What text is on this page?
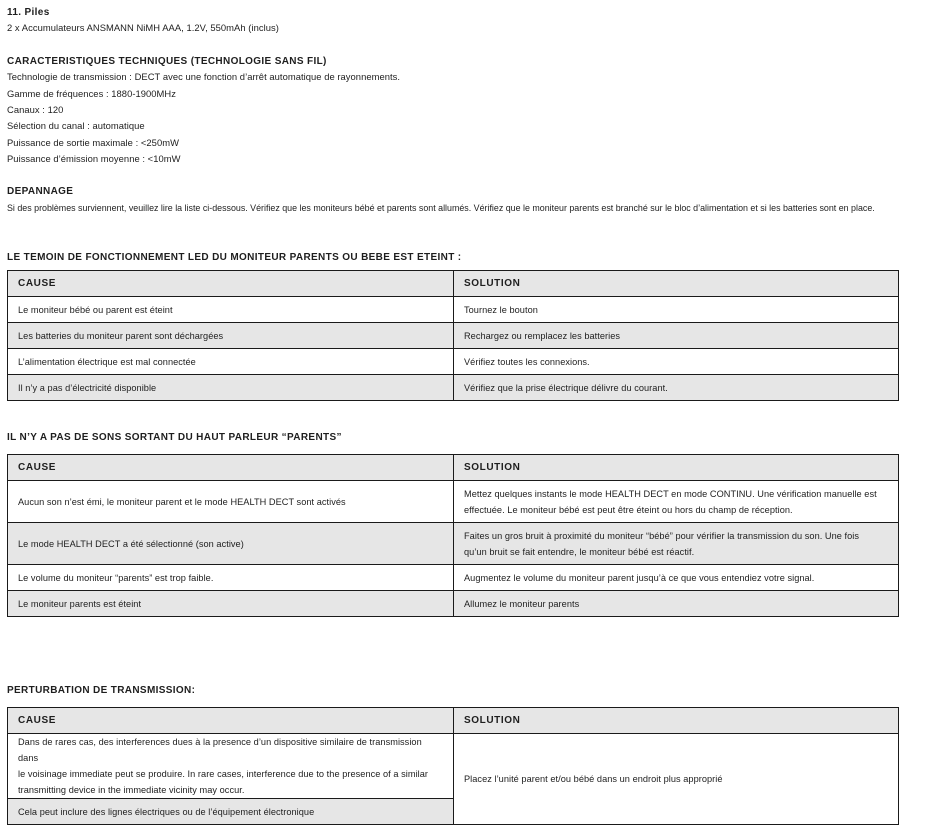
11. Piles
2 x Accumulateurs ANSMANN NiMH AAA, 1.2V, 550mAh (inclus)
CARACTERISTIQUES TECHNIQUES (TECHNOLOGIE SANS FIL)
Technologie de transmission : DECT avec une fonction d’arrêt automatique de rayonnements.
Gamme de fréquences : 1880-1900MHz
Canaux : 120
Sélection du canal : automatique
Puissance de sortie maximale : <250mW
Puissance d’émission moyenne : <10mW
DEPANNAGE
Si des problèmes surviennent, veuillez lire la liste ci-dessous. Vérifiez que les moniteurs bébé et parents sont allumés. Vérifiez que le moniteur parents est branché sur le bloc d’alimentation et si les batteries sont en place.
LE TEMOIN DE FONCTIONNEMENT LED DU MONITEUR PARENTS OU BEBE EST ETEINT :
CAUSE	SOLUTION
Le moniteur bébé ou parent est éteint	Tournez le bouton
Les batteries du moniteur parent sont déchargées	Rechargez ou remplacez les batteries
L’alimentation électrique est mal connectée	Vérifiez toutes les connexions.
Il n’y a pas d’électricité disponible	Vérifiez que la prise électrique délivre du courant.
IL N’Y A PAS DE SONS SORTANT DU HAUT PARLEUR “PARENTS”
CAUSE	SOLUTION
Aucun son n’est émi, le moniteur parent et le mode HEALTH DECT sont activés	Mettez quelques instants le mode HEALTH DECT en mode CONTINU. Une vérification manuelle est
effectuée. Le moniteur bébé est peut être éteint ou hors du champ de réception.

Le mode HEALTH DECT a été sélectionné (son active)	Faites un gros bruit à proximité du moniteur “bébé” pour vérifier la transmission du son. Une fois
qu’un bruit se fait entendre, le moniteur bébé est réactif.

Le volume du moniteur “parents” est trop faible.	Augmentez le volume du moniteur parent jusqu’à ce que vous entendiez votre signal.
Le moniteur parents est éteint	Allumez le moniteur parents
PERTURBATION DE TRANSMISSION:
CAUSE	SOLUTION

Dans de rares cas, des interferences dues à la presence d’un dispositive similaire de transmission dans
le voisinage immediate peut se produire. In rare cases, interference due to the presence of a similar
transmitting device in the immediate vicinity may occur.	Placez l’unité parent et/ou bébé dans un endroit plus approprié
Cela peut inclure des lignes électriques ou de l’équipement électronique	
